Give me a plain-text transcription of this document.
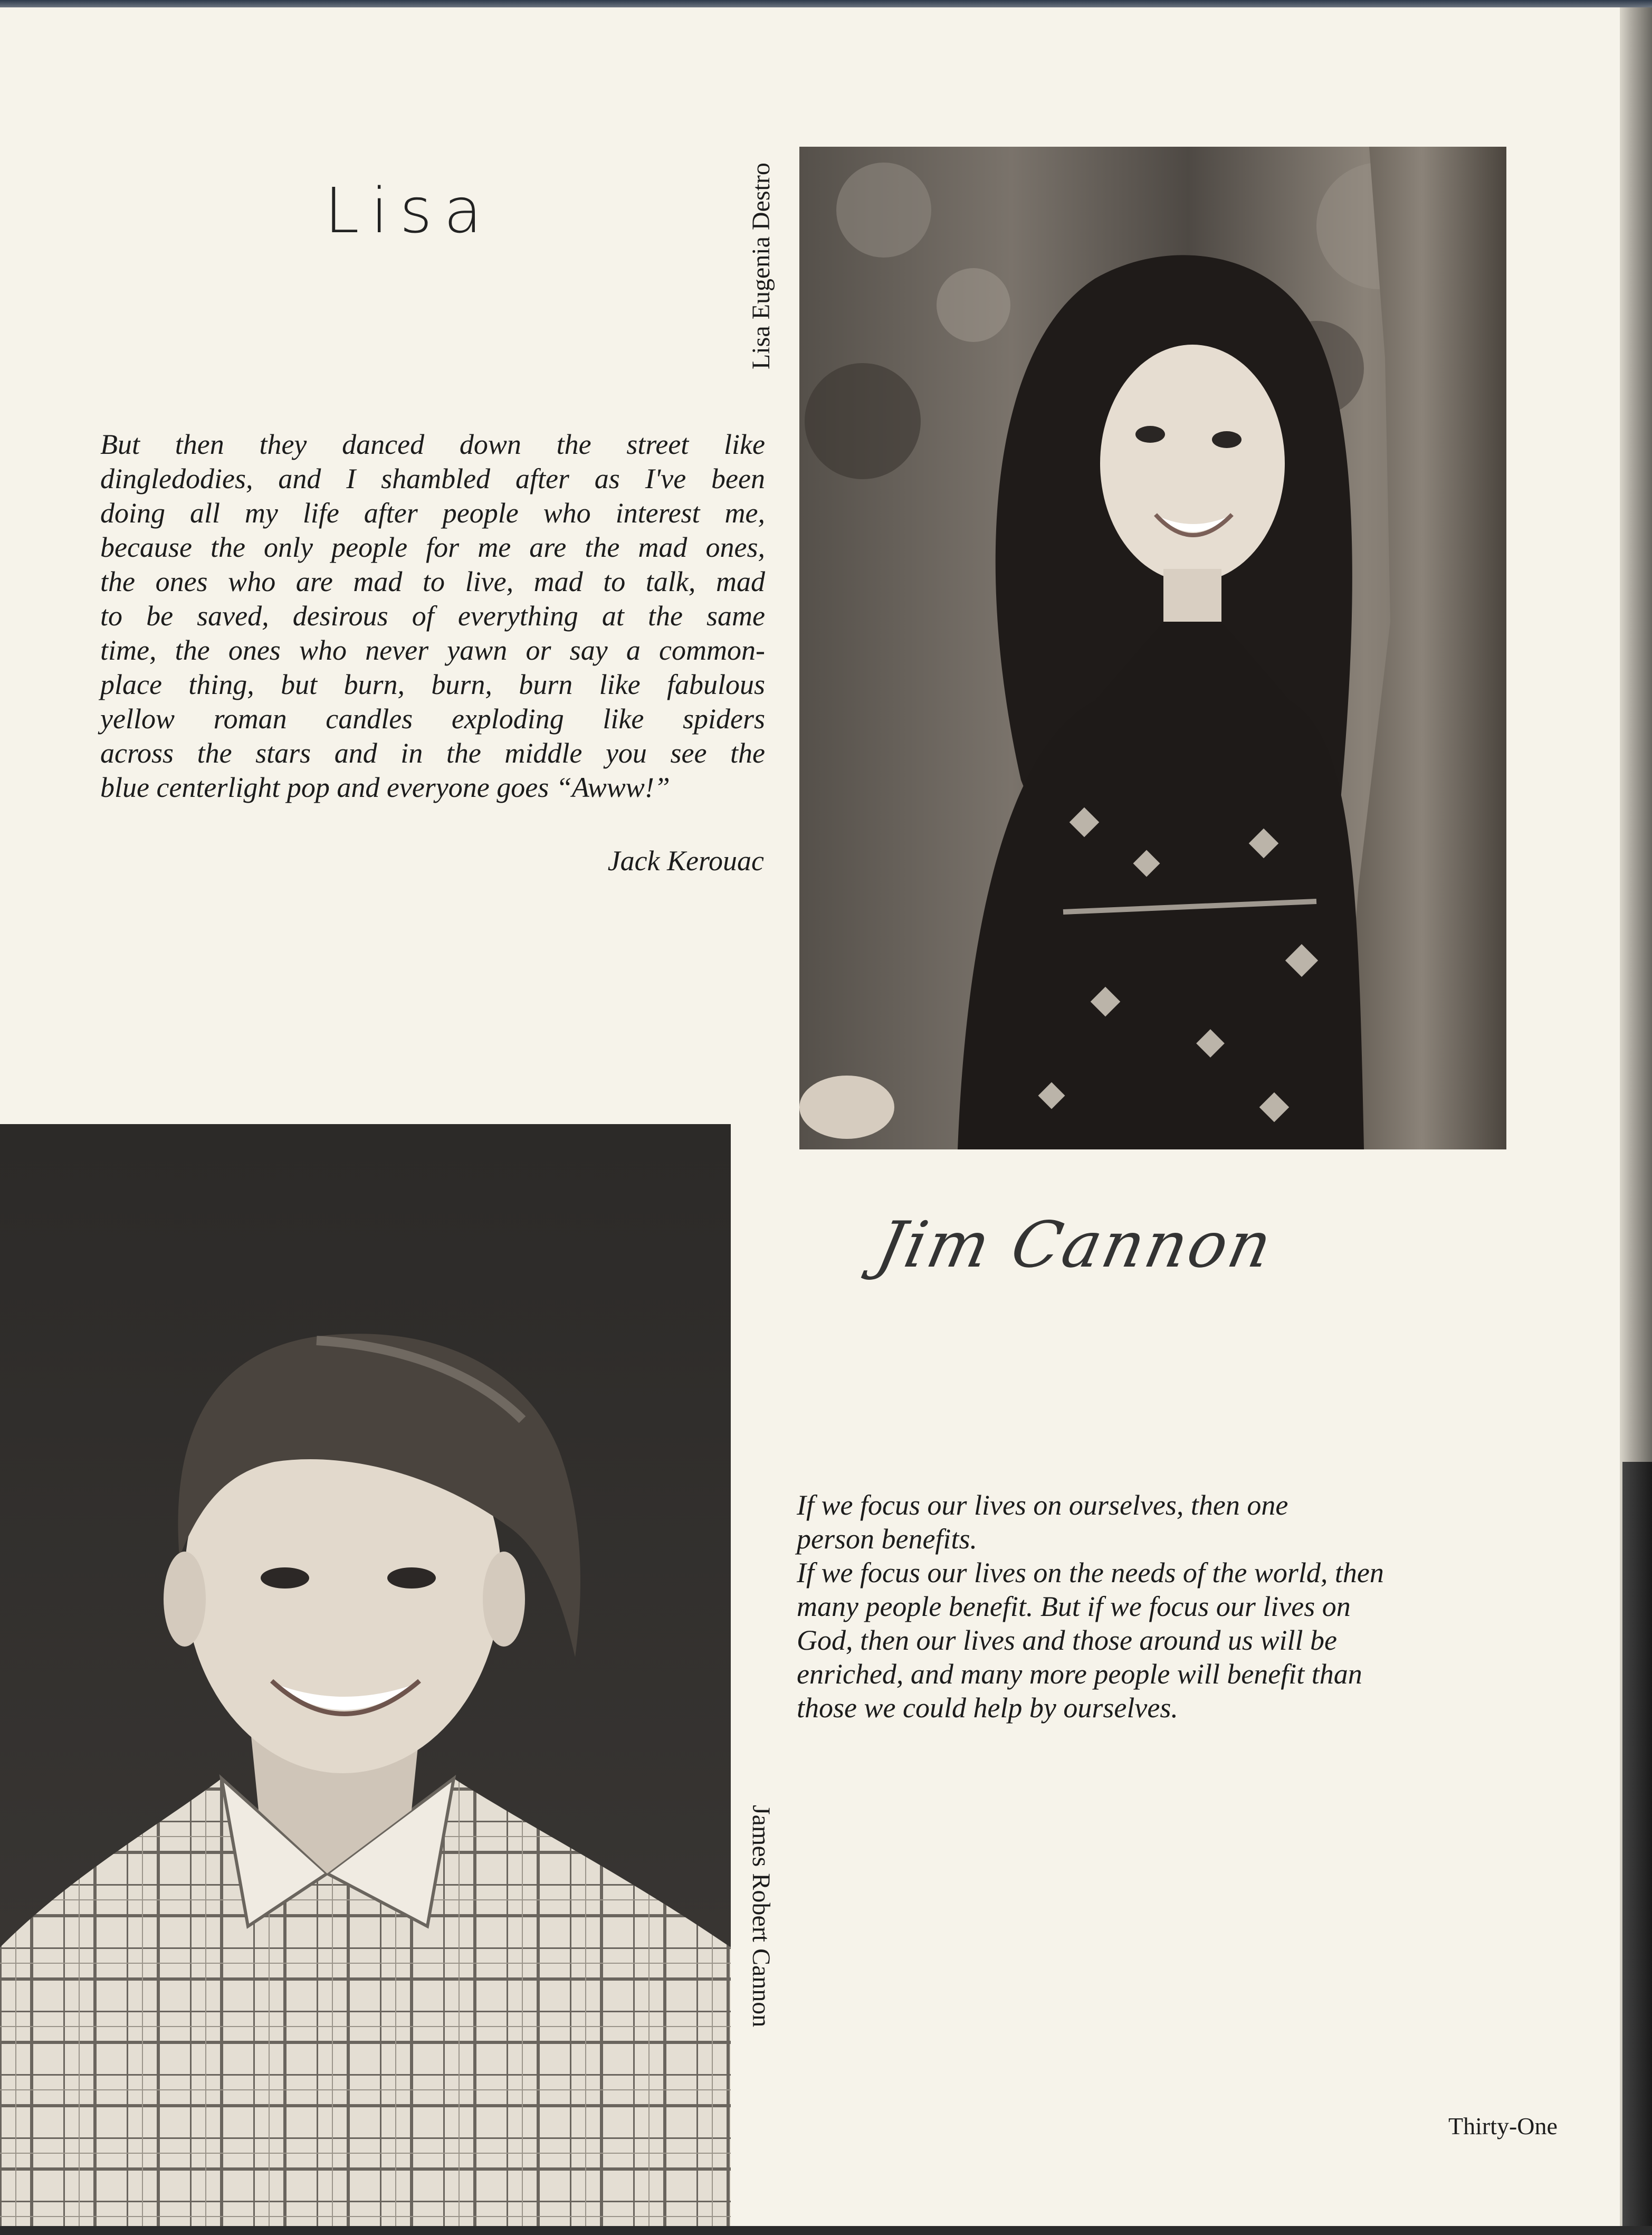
Lisa	Lisa Eugenia Destro
But then they danced down the street like
dingledodies, and I shambled after as I've been
doing all my life after people who interest me,
because the only people for me are the mad ones,
the ones who are mad to live, mad to talk, mad
to be saved, desirous of everything at the same
time, the ones who never yawn or say a common-
place thing, but burn, burn, burn like fabulous
yellow roman candles exploding like spiders
across the stars and in the middle you see the
blue centerlight pop and everyone goes “Awww!”
Jack Kerouac
Jim Cannon
If we focus our lives on ourselves, then one
person benefits.
If we focus our lives on the needs of the world, then
many people benefit. But if we focus our lives on
God, then our lives and those around us will be
enriched, and many more people will benefit than
those we could help by ourselves.
James Robert Cannon
Thirty-One
